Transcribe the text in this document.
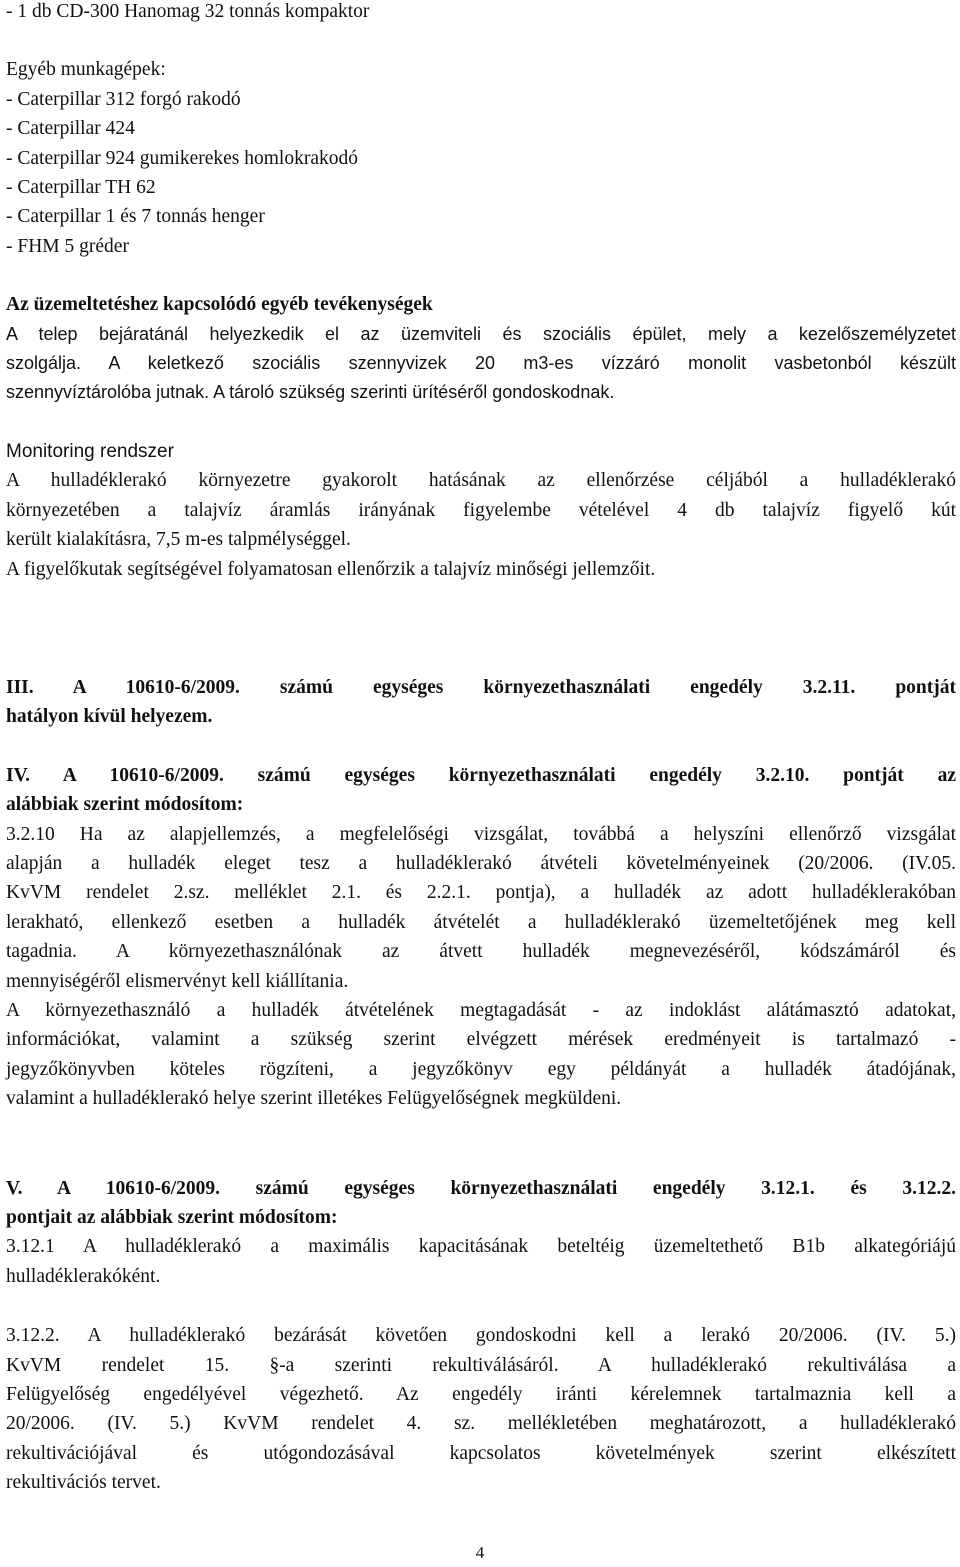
- 1 db CD-300 Hanomag 32 tonnás kompaktor

Egyéb munkagépek:

- Caterpillar 312 forgó rakodó

- Caterpillar 424

- Caterpillar 924 gumikerekes homlokrakodó

- Caterpillar TH 62

- Caterpillar 1 és 7 tonnás henger

- FHM 5 gréder

Az üzemeltetéshez kapcsolódó egyéb tevékenységek

A telep bejáratánál helyezkedik el az üzemviteli és szociális épület, mely a kezelőszemélyzetet
szolgálja. A keletkező szociális szennyvizek 20 m3-es vízzáró monolit vasbetonból készült
szennyvíztárolóba jutnak. A tároló szükség szerinti ürítéséről gondoskodnak.

Monitoring rendszer

A hulladéklerakó környezetre gyakorolt hatásának az ellenőrzése céljából a hulladéklerakó
környezetében a talajvíz áramlás irányának figyelembe vételével 4 db talajvíz figyelő kút
került kialakításra, 7,5 m-es talpmélységgel.
A figyelőkutak segítségével folyamatosan ellenőrzik a talajvíz minőségi jellemzőit.
III. A 10610-6/2009. számú egységes környezethasználati engedély 3.2.11. pontját
hatályon kívül helyezem.
IV. A 10610-6/2009. számú egységes környezethasználati engedély 3.2.10. pontját az
alábbiak szerint módosítom:
3.2.10 Ha az alapjellemzés, a megfelelőségi vizsgálat, továbbá a helyszíni ellenőrző vizsgálat
alapján a hulladék eleget tesz a hulladéklerakó átvételi követelményeinek (20/2006. (IV.05.
KvVM rendelet 2.sz. melléklet 2.1. és 2.2.1. pontja), a hulladék az adott hulladéklerakóban
lerakható, ellenkező esetben a hulladék átvételét a hulladéklerakó üzemeltetőjének meg kell
tagadnia. A környezethasználónak az átvett hulladék megnevezéséről, kódszámáról és
mennyiségéről elismervényt kell kiállítania.
A környezethasználó a hulladék átvételének megtagadását - az indoklást alátámasztó adatokat,
információkat, valamint a szükség szerint elvégzett mérések eredményeit is tartalmazó -
jegyzőkönyvben köteles rögzíteni, a jegyzőkönyv egy példányát a hulladék átadójának,
valamint a hulladéklerakó helye szerint illetékes Felügyelőségnek megküldeni.
V. A 10610-6/2009. számú egységes környezethasználati engedély 3.12.1. és 3.12.2.
pontjait az alábbiak szerint módosítom:
3.12.1 A hulladéklerakó a maximális kapacitásának beteltéig üzemeltethető B1b alkategóriájú
hulladéklerakóként.
3.12.2. A hulladéklerakó bezárását követően gondoskodni kell a lerakó 20/2006. (IV. 5.)
KvVM rendelet 15. §-a szerinti rekultiválásáról. A hulladéklerakó rekultiválása a
Felügyelőség engedélyével végezhető. Az engedély iránti kérelemnek tartalmaznia kell a
20/2006. (IV. 5.) KvVM rendelet 4. sz. mellékletében meghatározott, a hulladéklerakó
rekultivációjával és utógondozásával kapcsolatos követelmények szerint elkészített
rekultivációs tervet.
4
